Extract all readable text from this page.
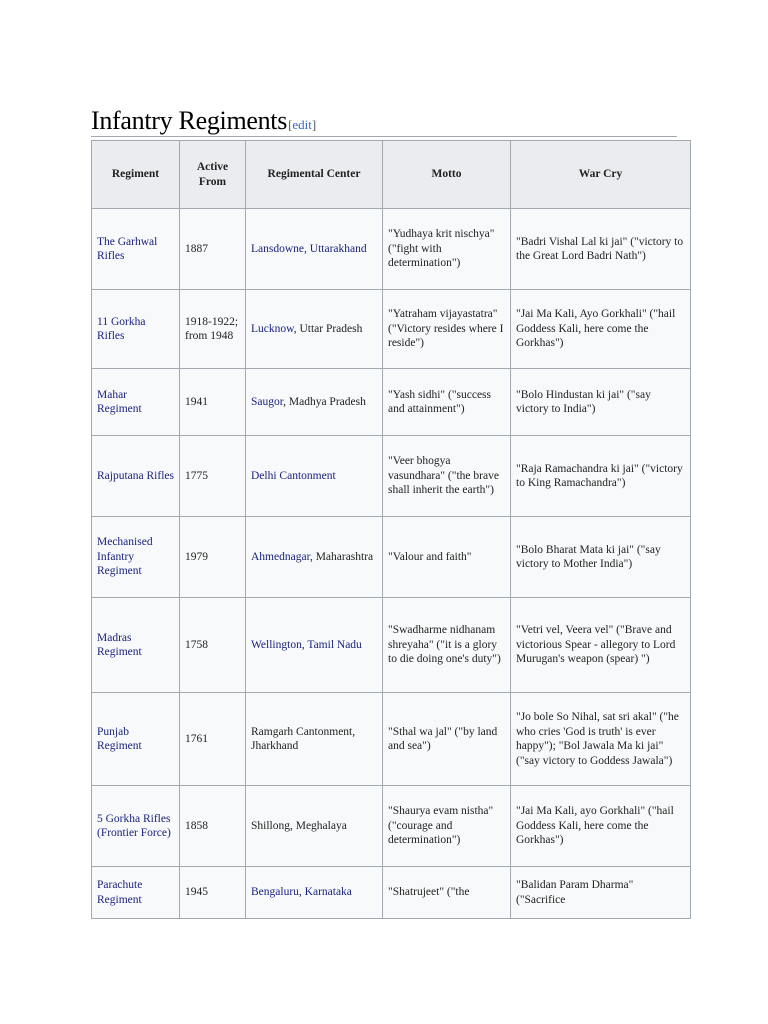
Infantry Regiments[edit]
Regiment	Active From	Regimental Center	Motto	War Cry
The Garhwal Rifles	1887	Lansdowne, Uttarakhand	"Yudhaya krit nischya" ("fight with determination")	"Badri Vishal Lal ki jai" ("victory to the Great Lord Badri Nath")
11 Gorkha Rifles	1918-1922; from 1948	Lucknow, Uttar Pradesh	"Yatraham vijayastatra" ("Victory resides where I reside")	"Jai Ma Kali, Ayo Gorkhali" ("hail Goddess Kali, here come the Gorkhas")
Mahar Regiment	1941	Saugor, Madhya Pradesh	"Yash sidhi" ("success and attainment")	"Bolo Hindustan ki jai" ("say victory to India")
Rajputana Rifles	1775	Delhi Cantonment	"Veer bhogya vasundhara" ("the brave shall inherit the earth")	"Raja Ramachandra ki jai" ("victory to King Ramachandra")
Mechanised Infantry Regiment	1979	Ahmednagar, Maharashtra	"Valour and faith"	"Bolo Bharat Mata ki jai" ("say victory to Mother India")
Madras Regiment	1758	Wellington, Tamil Nadu	"Swadharme nidhanam shreyaha" ("it is a glory to die doing one's duty")	"Vetri vel, Veera vel" ("Brave and victorious Spear - allegory to Lord Murugan's weapon (spear) ")
Punjab Regiment	1761	Ramgarh Cantonment, Jharkhand	"Sthal wa jal" ("by land and sea")	"Jo bole So Nihal, sat sri akal" ("he who cries 'God is truth' is ever happy"); "Bol Jawala Ma ki jai" ("say victory to Goddess Jawala")
5 Gorkha Rifles (Frontier Force)	1858	Shillong, Meghalaya	"Shaurya evam nistha" ("courage and determination")	"Jai Ma Kali, ayo Gorkhali" ("hail Goddess Kali, here come the Gorkhas")
Parachute Regiment	1945	Bengaluru, Karnataka	"Shatrujeet" ("the	"Balidan Param Dharma" ("Sacrifice
